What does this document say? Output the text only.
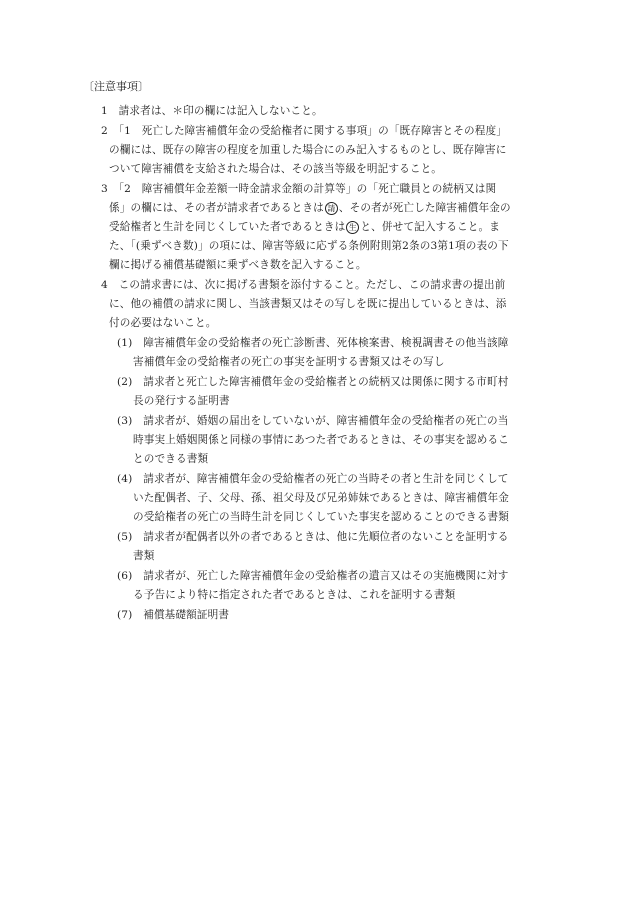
〔注意事項〕
1　請求者は、＊印の欄には記入しないこと。
2　「1　死亡した障害補償年金の受給権者に関する事項」の「既存障害とその程度」
の欄には、既存の障害の程度を加重した場合にのみ記入するものとし、既存障害に
ついて障害補償を支給された場合は、その該当等級を明記すること。
3　「2　障害補償年金差額一時金請求金額の計算等」の「死亡職員との続柄又は関
係」の欄には、その者が請求者であるときは 請 、その者が死亡した障害補償年金の
受給権者と生計を同じくしていた者であるときは 生 と、併せて記入すること。ま
た、「(乗ずべき数)」の項には、障害等級に応ずる条例附則第2条の3第1項の表の下
欄に掲げる補償基礎額に乗ずべき数を記入すること。
4　この請求書には、次に掲げる書類を添付すること。ただし、この請求書の提出前
に、他の補償の請求に関し、当該書類又はその写しを既に提出しているときは、添
付の必要はないこと。
(1)　障害補償年金の受給権者の死亡診断書、死体検案書、検視調書その他当該障
害補償年金の受給権者の死亡の事実を証明する書類又はその写し
(2)　請求者と死亡した障害補償年金の受給権者との続柄又は関係に関する市町村
長の発行する証明書
(3)　請求者が、婚姻の届出をしていないが、障害補償年金の受給権者の死亡の当
時事実上婚姻関係と同様の事情にあつた者であるときは、その事実を認めるこ
とのできる書類
(4)　請求者が、障害補償年金の受給権者の死亡の当時その者と生計を同じくして
いた配偶者、子、父母、孫、祖父母及び兄弟姉妹であるときは、障害補償年金
の受給権者の死亡の当時生計を同じくしていた事実を認めることのできる書類
(5)　請求者が配偶者以外の者であるときは、他に先順位者のないことを証明する
書類
(6)　請求者が、死亡した障害補償年金の受給権者の遺言又はその実施機関に対す
る予告により特に指定された者であるときは、これを証明する書類
(7)　補償基礎額証明書
